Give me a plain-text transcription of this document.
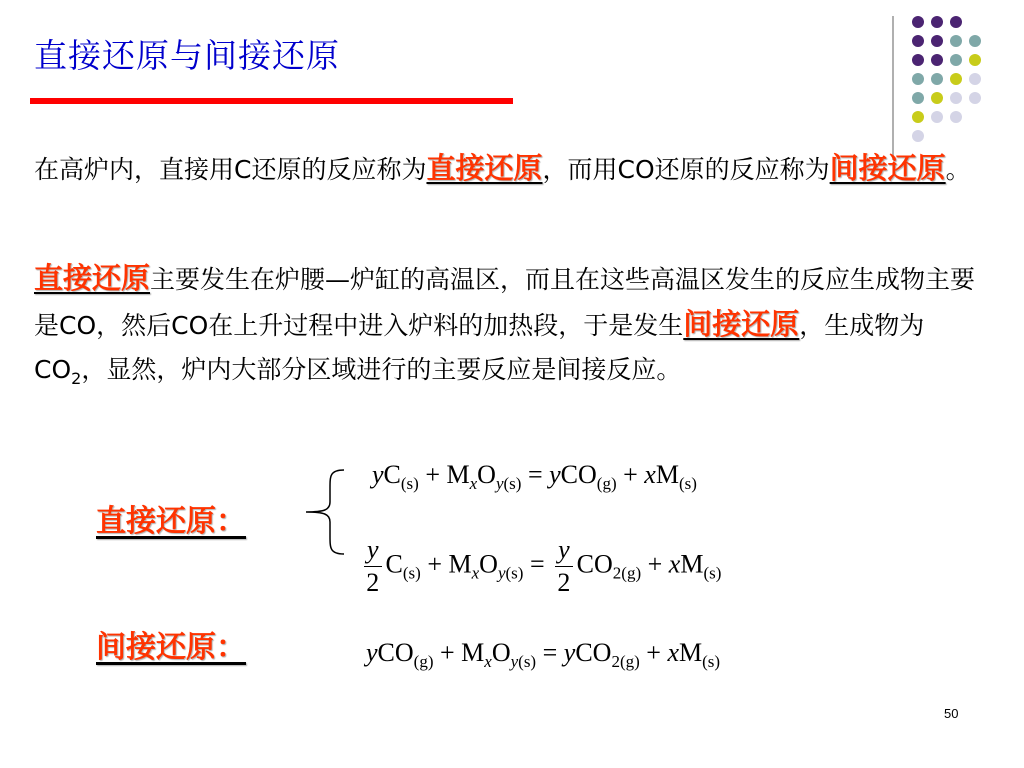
直接还原与间接还原
在高炉内，直接用C还原的反应称为直接还原，而用CO还原的反应称为间接还原。
直接还原主要发生在炉腰—炉缸的高温区，而且在这些高温区发生的反应生成物主要是CO，然后CO在上升过程中进入炉料的加热段，于是发生间接还原，生成物为$CO_2$，显然，炉内大部分区域进行的主要反应是间接反应。
直接还原：
间接还原：
$yC_{(s)} + M_xO_{y(s)} = yCO_{(g)} + xM_{(s)}$
$\frac{y}{2} C_{(s)} + M_xO_{y(s)} = \frac{y}{2} CO_{2(g)} + xM_{(s)}$
$yCO_{(g)} + M_xO_{y(s)} = yCO_{2(g)} + xM_{(s)}$
50
